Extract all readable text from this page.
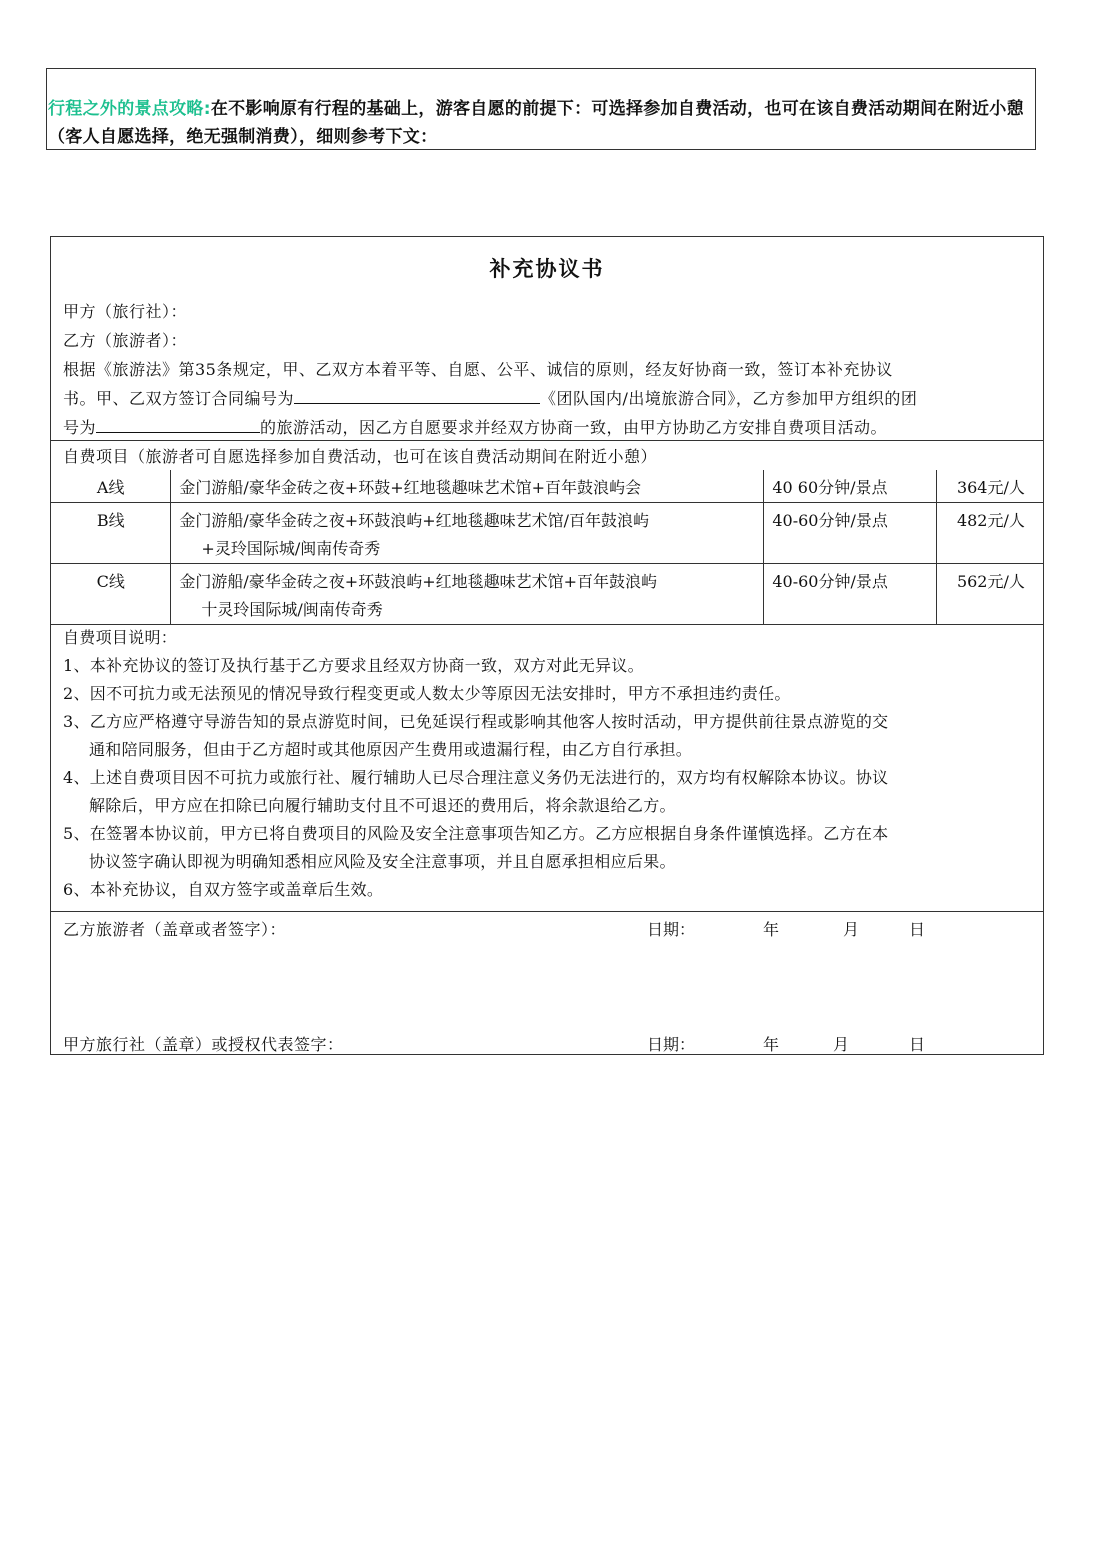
行程之外的景点攻略:在不影响原有行程的基础上，游客自愿的前提下：可选择参加自费活动，也可在该自费活动期间在附近小憩（客人自愿选择，绝无强制消费），细则参考下文：
补充协议书
甲方（旅行社）：
乙方（旅游者）：
根据《旅游法》第35条规定，甲、乙双方本着平等、自愿、公平、诚信的原则，经友好协商一致，签订本补充协议
书。甲、乙双方签订合同编号为	《团队国内/出境旅游合同》，乙方参加甲方组织的团
号为	的旅游活动，因乙方自愿要求并经双方协商一致，由甲方协助乙方安排自费项目活动。
自费项目（旅游者可自愿选择参加自费活动，也可在该自费活动期间在附近小憩）
A线	金门游船/豪华金砖之夜+环鼓+红地毯趣味艺术馆+百年鼓浪屿会	40 60分钟/景点	364元/人
B线	金门游船/豪华金砖之夜+环鼓浪屿+红地毯趣味艺术馆/百年鼓浪屿
+灵玲国际城/闽南传奇秀	40-60分钟/景点	482元/人
C线	金门游船/豪华金砖之夜+环鼓浪屿+红地毯趣味艺术馆+百年鼓浪屿
十灵玲国际城/闽南传奇秀	40-60分钟/景点	562元/人
自费项目说明：
1、本补充协议的签订及执行基于乙方要求且经双方协商一致，双方对此无异议。
2、因不可抗力或无法预见的情况导致行程变更或人数太少等原因无法安排时，甲方不承担违约责任。
3、乙方应严格遵守导游告知的景点游览时间，已免延误行程或影响其他客人按时活动，甲方提供前往景点游览的交
通和陪同服务，但由于乙方超时或其他原因产生费用或遗漏行程，由乙方自行承担。
4、上述自费项目因不可抗力或旅行社、履行辅助人已尽合理注意义务仍无法进行的，双方均有权解除本协议。协议
解除后，甲方应在扣除已向履行辅助支付且不可退还的费用后，将余款退给乙方。
5、在签署本协议前，甲方已将自费项目的风险及安全注意事项告知乙方。乙方应根据自身条件谨慎选择。乙方在本
协议签字确认即视为明确知悉相应风险及安全注意事项，并且自愿承担相应后果。
6、本补充协议，自双方签字或盖章后生效。
乙方旅游者（盖章或者签字）：	日期：	年	月	日
甲方旅行社（盖章）或授权代表签字：	日期：	年	月	日
